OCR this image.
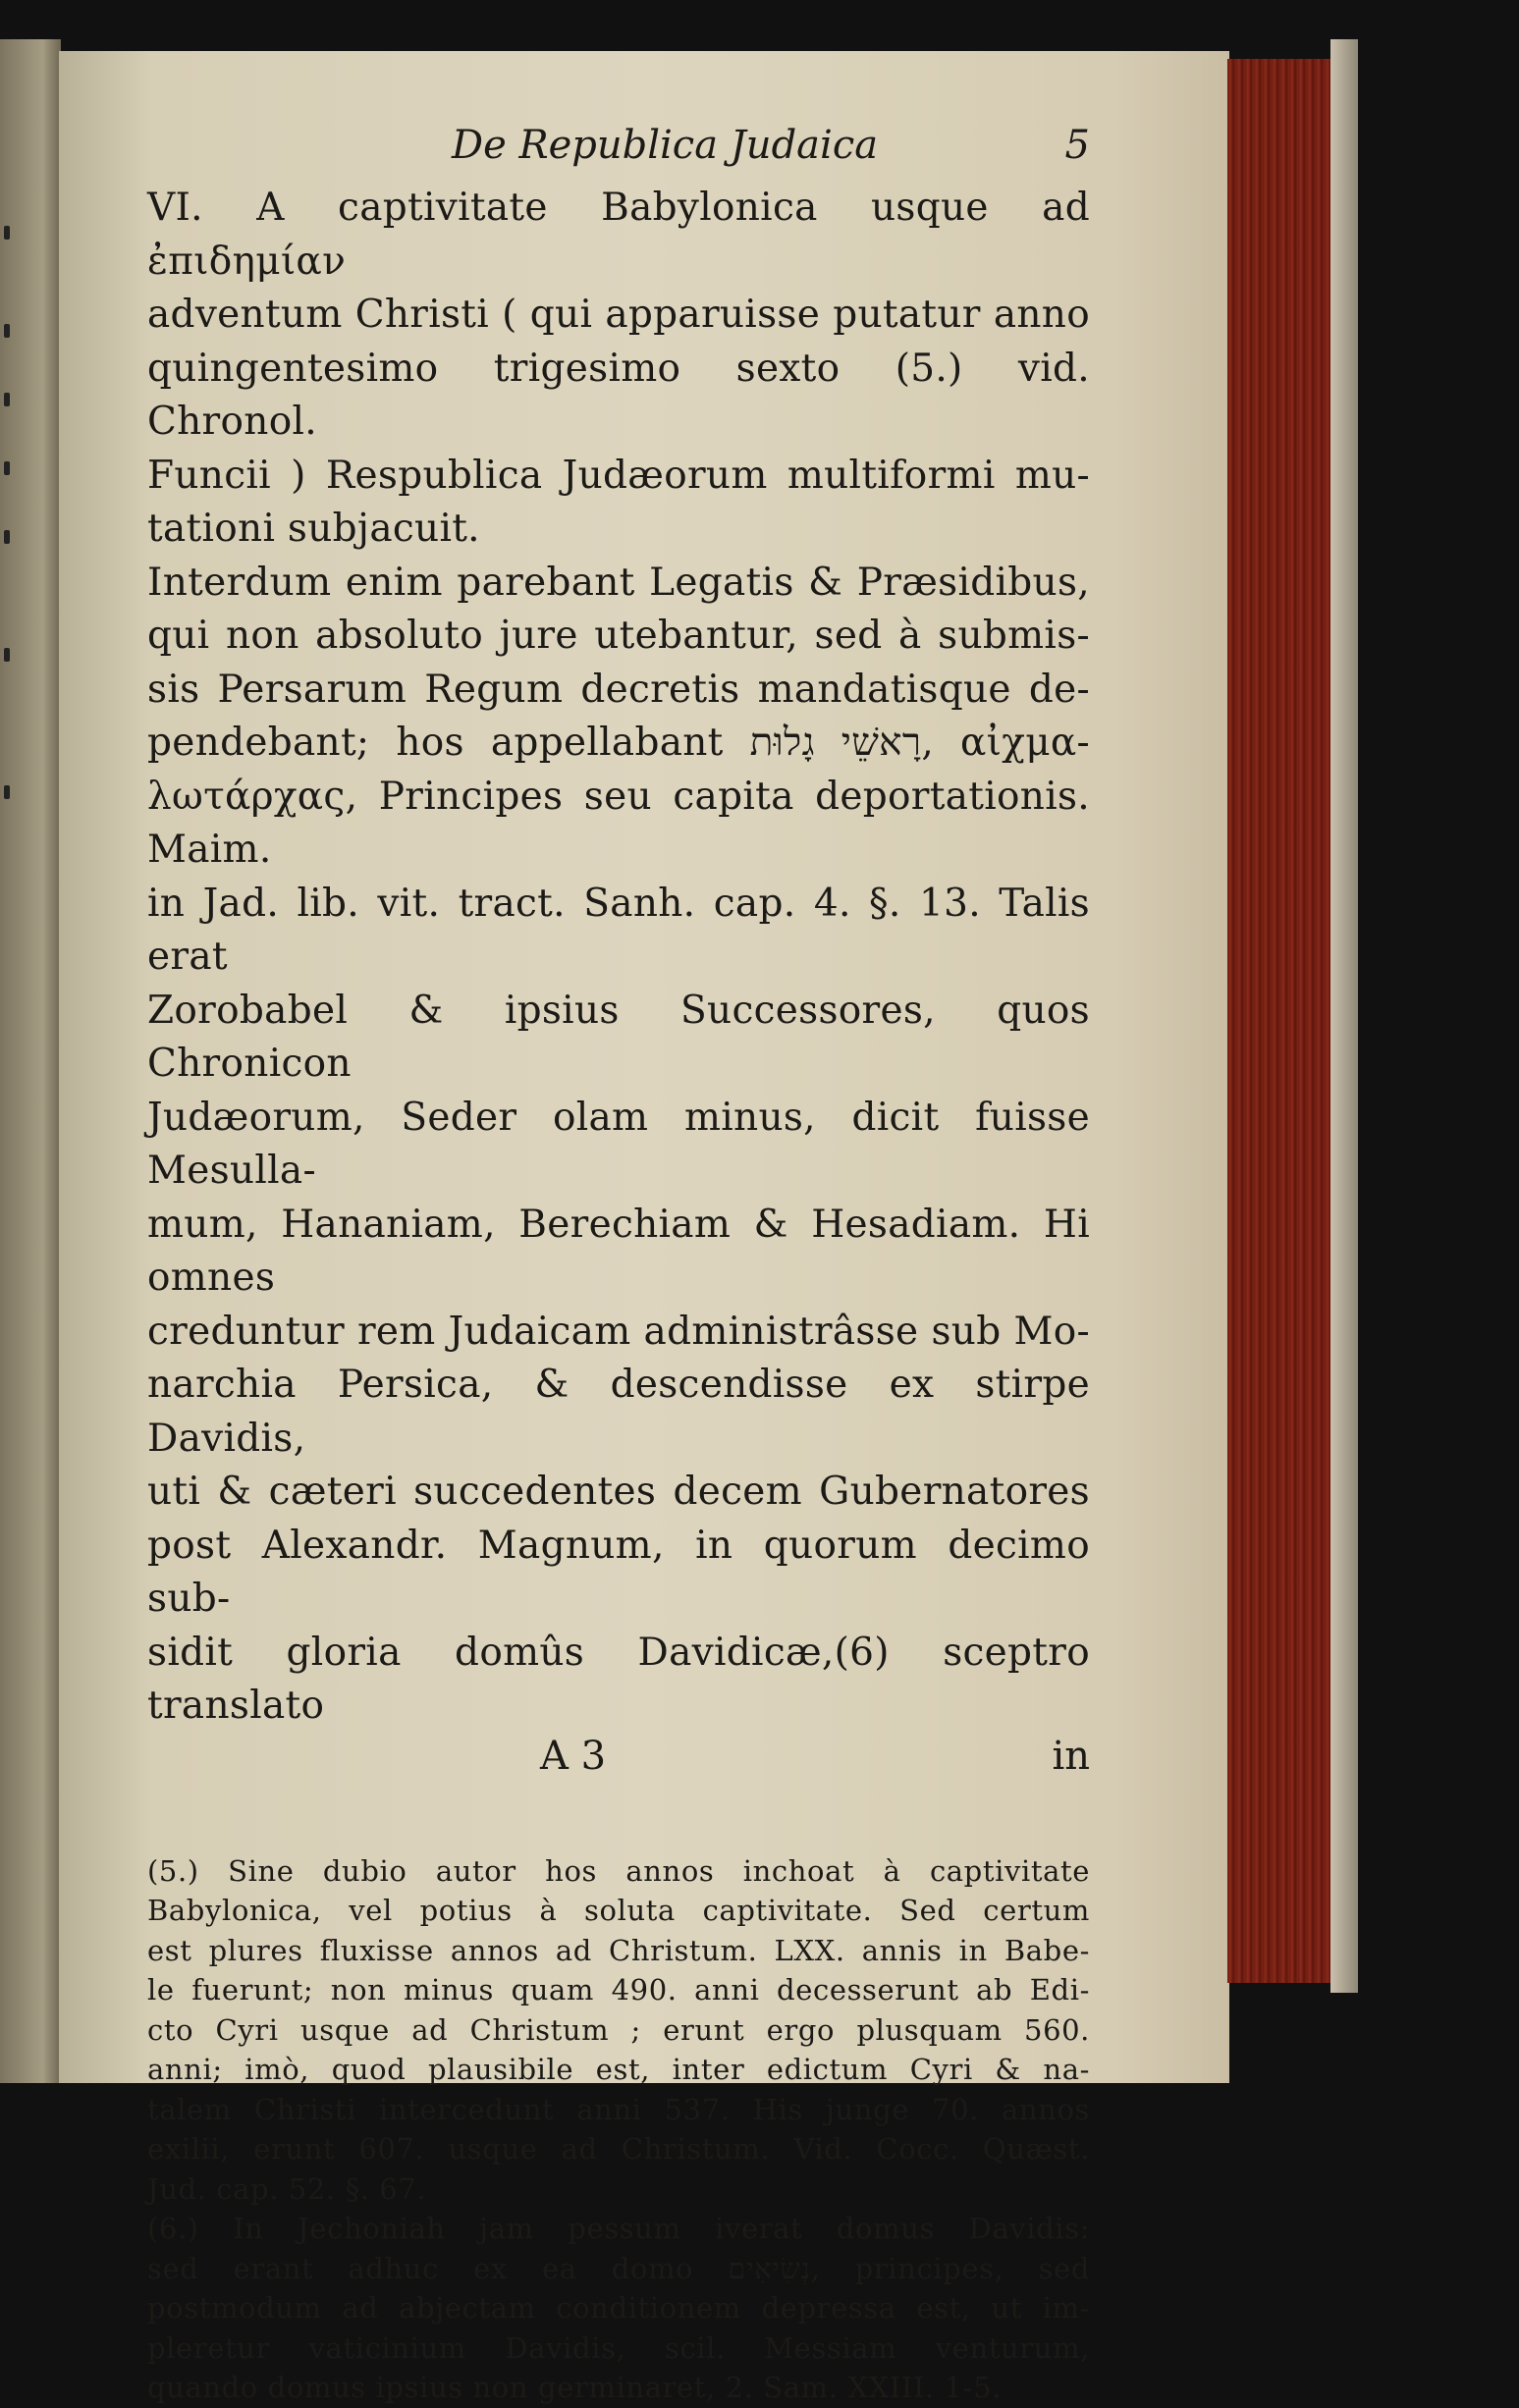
De Republica Judaica	5

VI. A captivitate Babylonica usque ad ἐπιδημίαν

adventum Christi ( qui apparuisse putatur anno

quingentesimo trigesimo sexto (5.) vid. Chronol.

Funcii ) Respublica Judæorum multiformi mu-

tationi subjacuit.

Interdum enim parebant Legatis & Præsidibus,

qui non absoluto jure utebantur, sed à submis-

sis Persarum Regum decretis mandatisque de-

pendebant; hos appellabant רָאשֵׁי גָלוּת, αἰχμα-

λωτάρχας, Principes seu capita deportationis. Maim.

in Jad. lib. vit. tract. Sanh. cap. 4. §. 13. Talis erat

Zorobabel & ipsius Successores, quos Chronicon

Judæorum, Seder olam minus, dicit fuisse Mesulla-

mum, Hananiam, Berechiam & Hesadiam. Hi omnes

creduntur rem Judaicam administrâsse sub Mo-

narchia Persica, & descendisse ex stirpe Davidis,

uti & cæteri succedentes decem Gubernatores

post Alexandr. Magnum, in quorum decimo sub-

sidit gloria domûs Davidicæ,(6) sceptro translato

A 3	in

(5.) Sine dubio autor hos annos inchoat à captivitate

Babylonica, vel potius à soluta captivitate. Sed certum

est plures fluxisse annos ad Christum. LXX. annis in Babe-

le fuerunt; non minus quam 490. anni decesserunt ab Edi-

cto Cyri usque ad Christum ; erunt ergo plusquam 560.

anni; imò, quod plausibile est, inter edictum Cyri & na-

talem Christi intercedunt anni 537. His junge 70. annos

exilii, erunt 607. usque ad Christum. Vid. Cocc. Quæst.

Jud. cap. 52. §. 67.

(6.) In Jechoniah jam pessum iverat domus Davidis:

sed erant adhuc ex ea domo נְשִׂיאִים, principes, sed

postmodum ad abjectam conditionem depressa est, ut im-

pleretur vaticinium Davidis, scil. Messiam venturum,

quando domus ipsius non germinaret, 2. Sam. XXIII. 1-5.
